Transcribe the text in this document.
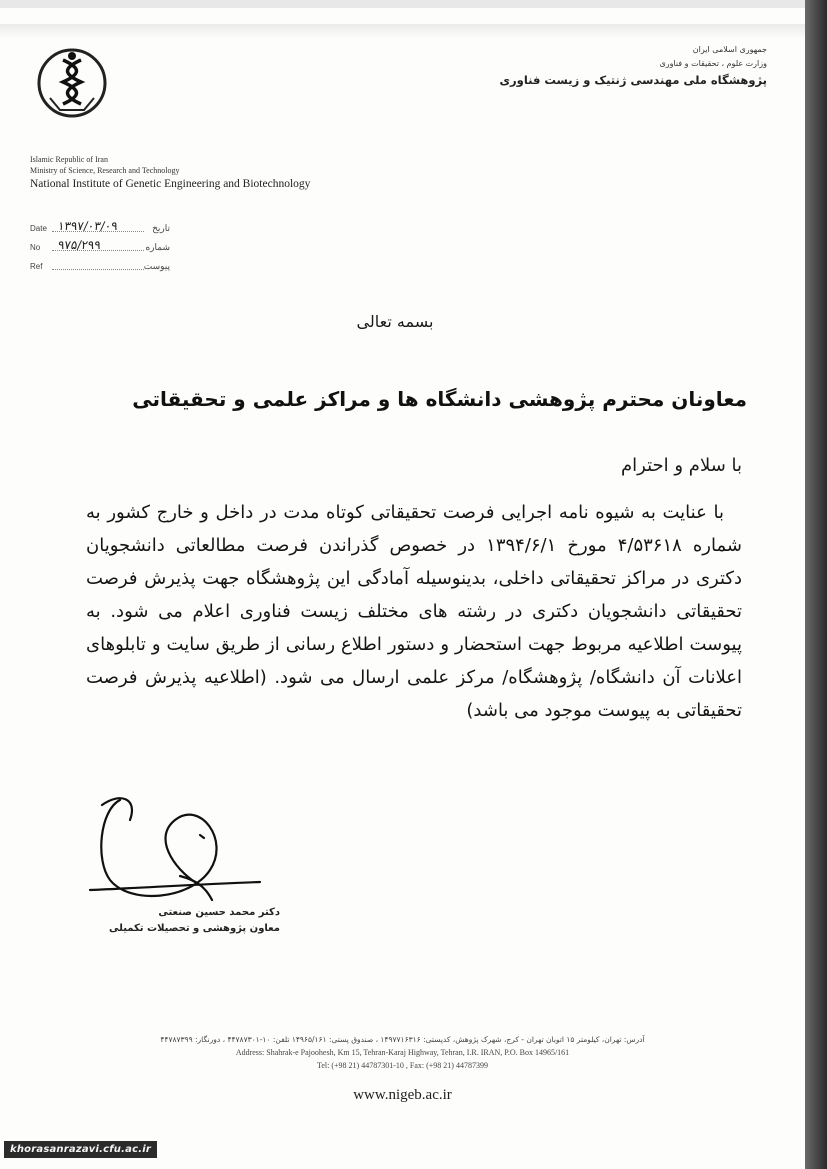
Islamic Republic of Iran
Ministry of Science, Research and Technology
National Institute of Genetic Engineering and Biotechnology
جمهوری اسلامی ایران
وزارت علوم ، تحقیقات و فناوری
پژوهشگاه ملی مهندسی ژنتیک و زیست فناوری
Date ۱۳۹۷/۰۳/۰۹	تاریخ
No ۹۷۵/۲۹۹	شماره
Ref	پیوست
بسمه تعالی
معاونان محترم پژوهشی دانشگاه ها و مراکز علمی و تحقیقاتی
با سلام و احترام

با عنایت به شیوه نامه اجرایی فرصت تحقیقاتی کوتاه مدت در داخل و خارج کشور به شماره ۴/۵۳۶۱۸ مورخ ۱۳۹۴/۶/۱ در خصوص گذراندن فرصت مطالعاتی دانشجویان دکتری در مراکز تحقیقاتی داخلی، بدینوسیله آمادگی این پژوهشگاه جهت پذیرش فرصت تحقیقاتی دانشجویان دکتری در رشته های مختلف زیست فناوری اعلام می شود. به پیوست اطلاعیه مربوط جهت استحضار و دستور اطلاع رسانی از طریق سایت و تابلوهای اعلانات آن دانشگاه/ پژوهشگاه/ مرکز علمی ارسال می شود. (اطلاعیه پذیرش فرصت تحقیقاتی به پیوست موجود می باشد)

دکتر محمد حسین صنعتی
معاون پژوهشی و تحصیلات تکمیلی
آدرس: تهران، کیلومتر ۱۵ اتوبان تهران - کرج، شهرک پژوهش، کدپستی: ۱۴۹۷۷۱۶۳۱۶ ، صندوق پستی: ۱۴۹۶۵/۱۶۱ تلفن: ۱۰-۴۴۷۸۷۳۰۱ ، دورنگار: ۴۴۷۸۷۳۹۹
Address: Shahrak-e Pajoohesh, Km 15, Tehran-Karaj Highway, Tehran, I.R. IRAN, P.O. Box 14965/161
Tel: (+98 21) 44787301-10 , Fax: (+98 21) 44787399
www.nigeb.ac.ir
khorasanrazavi.cfu.ac.ir
